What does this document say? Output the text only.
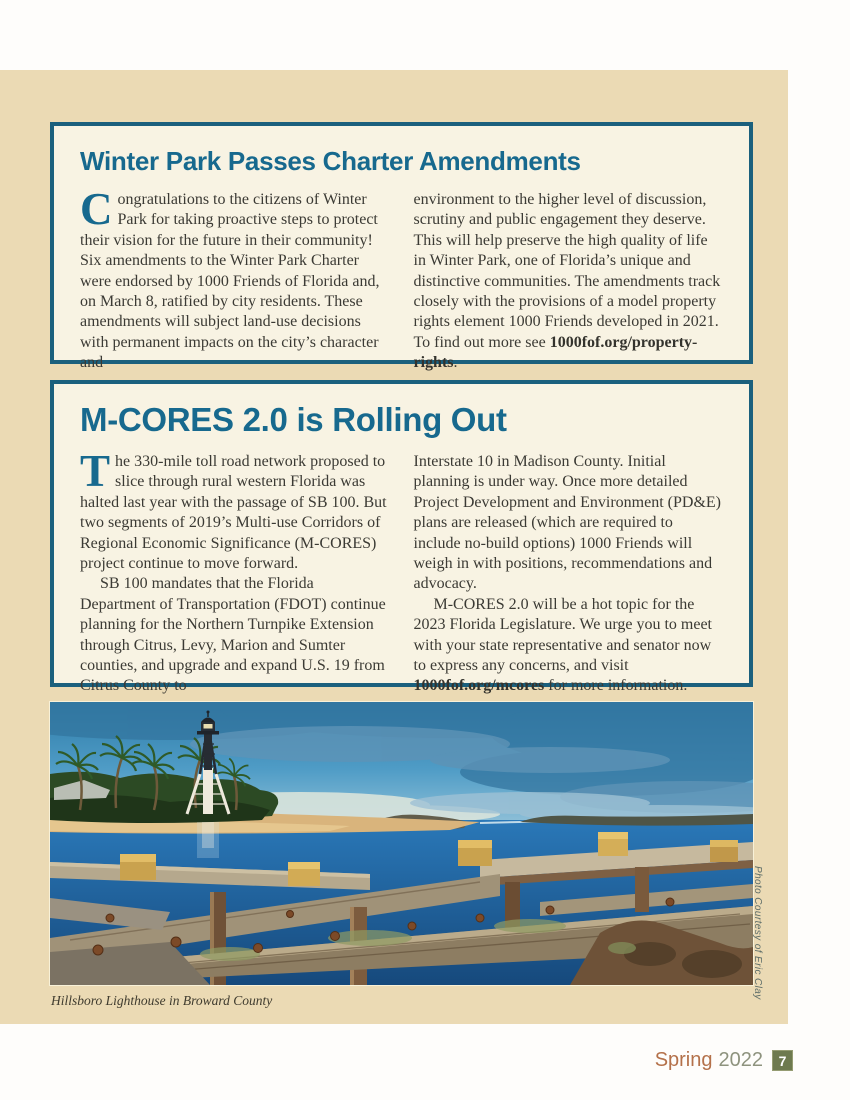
Winter Park Passes Charter Amendments

Congratulations to the citizens of Winter Park for taking proactive steps to protect their vision for the future in their community! Six amendments to the Winter Park Charter were endorsed by 1000 Friends of Florida and, on March 8, ratified by city residents. These amendments will subject land-use decisions with permanent impacts on the city’s character and

environment to the higher level of discussion, scrutiny and public engagement they deserve. This will help preserve the high quality of life in Winter Park, one of Florida’s unique and distinctive communities. The amendments track closely with the provisions of a model property rights element 1000 Friends developed in 2021. To find out more see 1000fof.org/property-rights.

M-CORES 2.0 is Rolling Out

The 330-mile toll road network proposed to slice through rural western Florida was halted last year with the passage of SB 100. But two segments of 2019’s Multi-use Corridors of Regional Economic Significance (M-CORES) project continue to move forward.

SB 100 mandates that the Florida Department of Transportation (FDOT) continue planning for the Northern Turnpike Extension through Citrus, Levy, Marion and Sumter counties, and upgrade and expand U.S. 19 from Citrus County to

Interstate 10 in Madison County. Initial planning is under way. Once more detailed Project Development and Environment (PD&E) plans are released (which are required to include no-build options) 1000 Friends will weigh in with positions, recommendations and advocacy.

M-CORES 2.0 will be a hot topic for the 2023 Florida Legislature. We urge you to meet with your state representative and senator now to express any concerns, and visit 1000fof.org/mcores for more information.

Hillsboro Lighthouse in Broward County
Photo Courtesy of Eric Clay
Spring 2022	7
